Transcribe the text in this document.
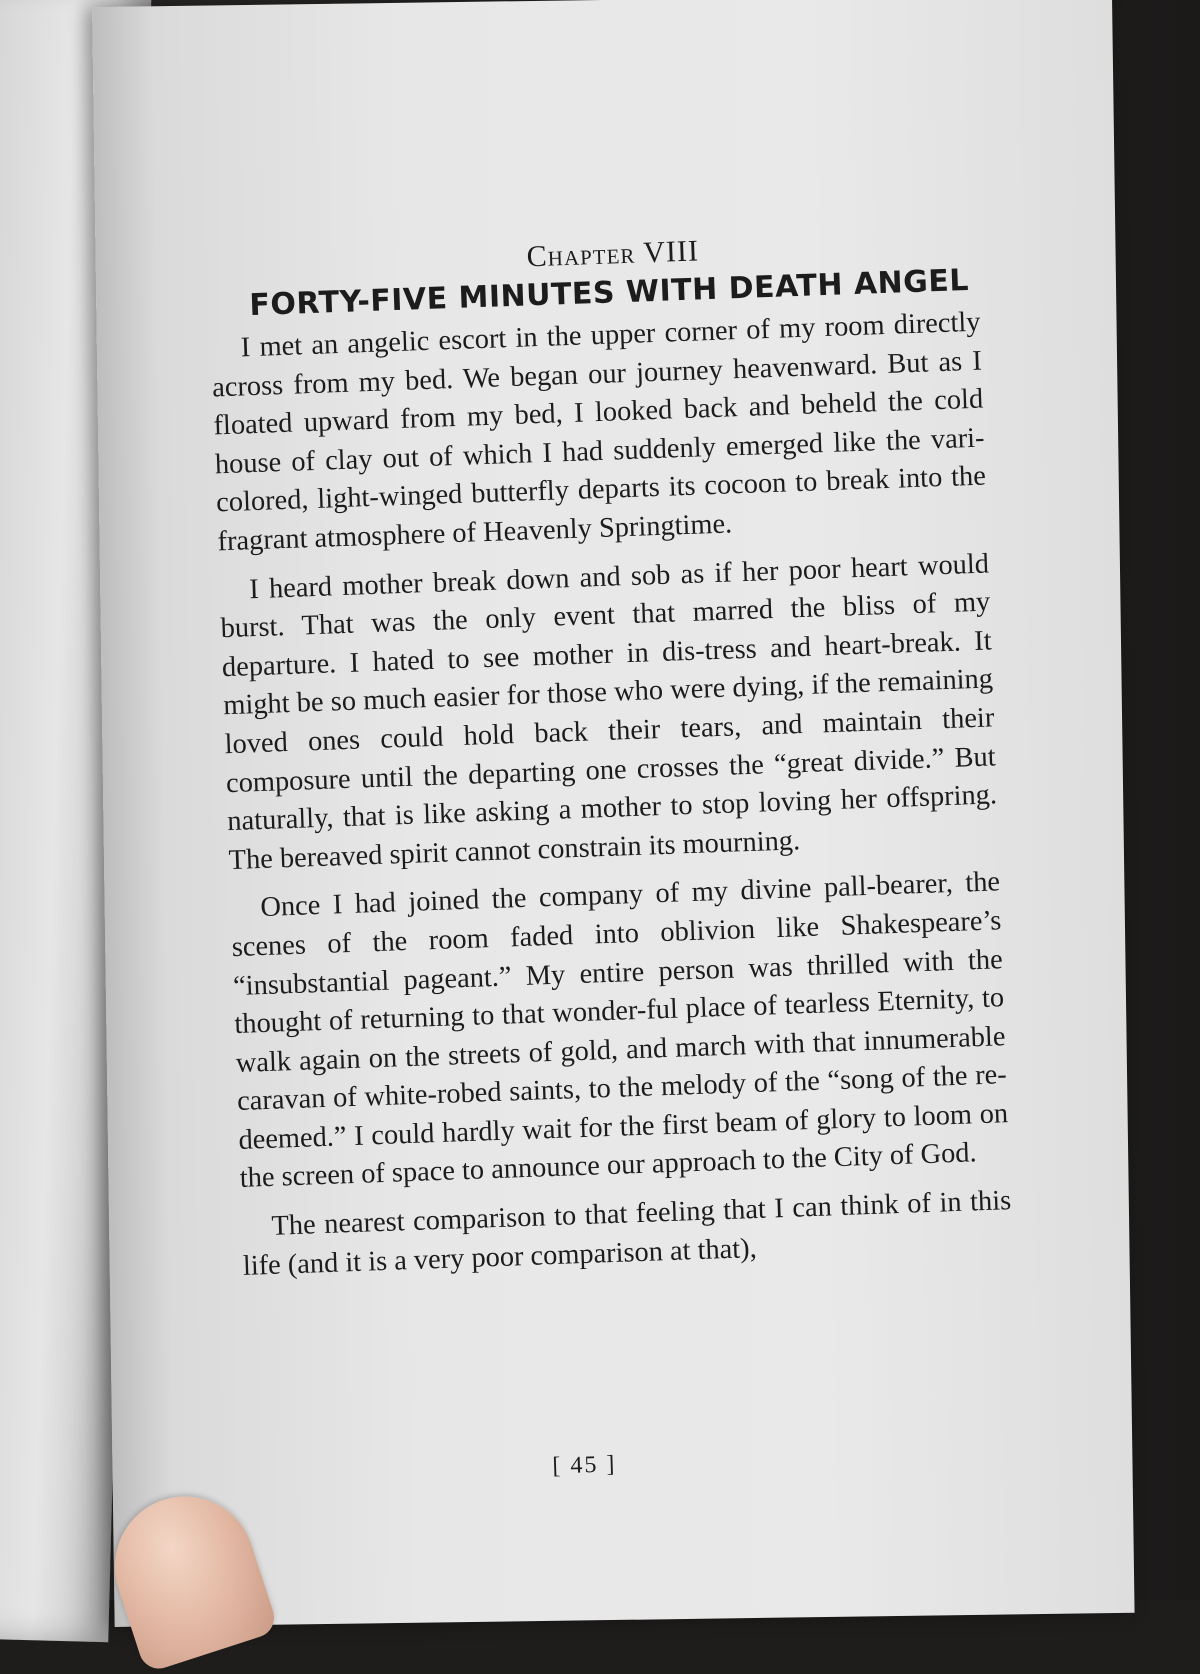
Chapter VIII
FORTY-FIVE MINUTES WITH DEATH ANGEL

I met an angelic escort in the upper corner of my room directly across from my bed. We began our journey heavenward. But as I floated upward from my bed, I looked back and beheld the cold house of clay out of which I had suddenly emerged like the vari-colored, light-winged butterfly departs its cocoon to break into the fragrant atmosphere of Heavenly Springtime.

I heard mother break down and sob as if her poor heart would burst. That was the only event that marred the bliss of my departure. I hated to see mother in dis-tress and heart-break. It might be so much easier for those who were dying, if the remaining loved ones could hold back their tears, and maintain their composure until the departing one crosses the “great divide.” But naturally, that is like asking a mother to stop loving her offspring. The bereaved spirit cannot constrain its mourning.

Once I had joined the company of my divine pall-bearer, the scenes of the room faded into oblivion like Shakespeare’s “insubstantial pageant.” My entire person was thrilled with the thought of returning to that wonder-ful place of tearless Eternity, to walk again on the streets of gold, and march with that innumerable caravan of white-robed saints, to the melody of the “song of the re-deemed.” I could hardly wait for the first beam of glory to loom on the screen of space to announce our approach to the City of God.

The nearest comparison to that feeling that I can think of in this life (and it is a very poor comparison at that),

[ 45 ]
